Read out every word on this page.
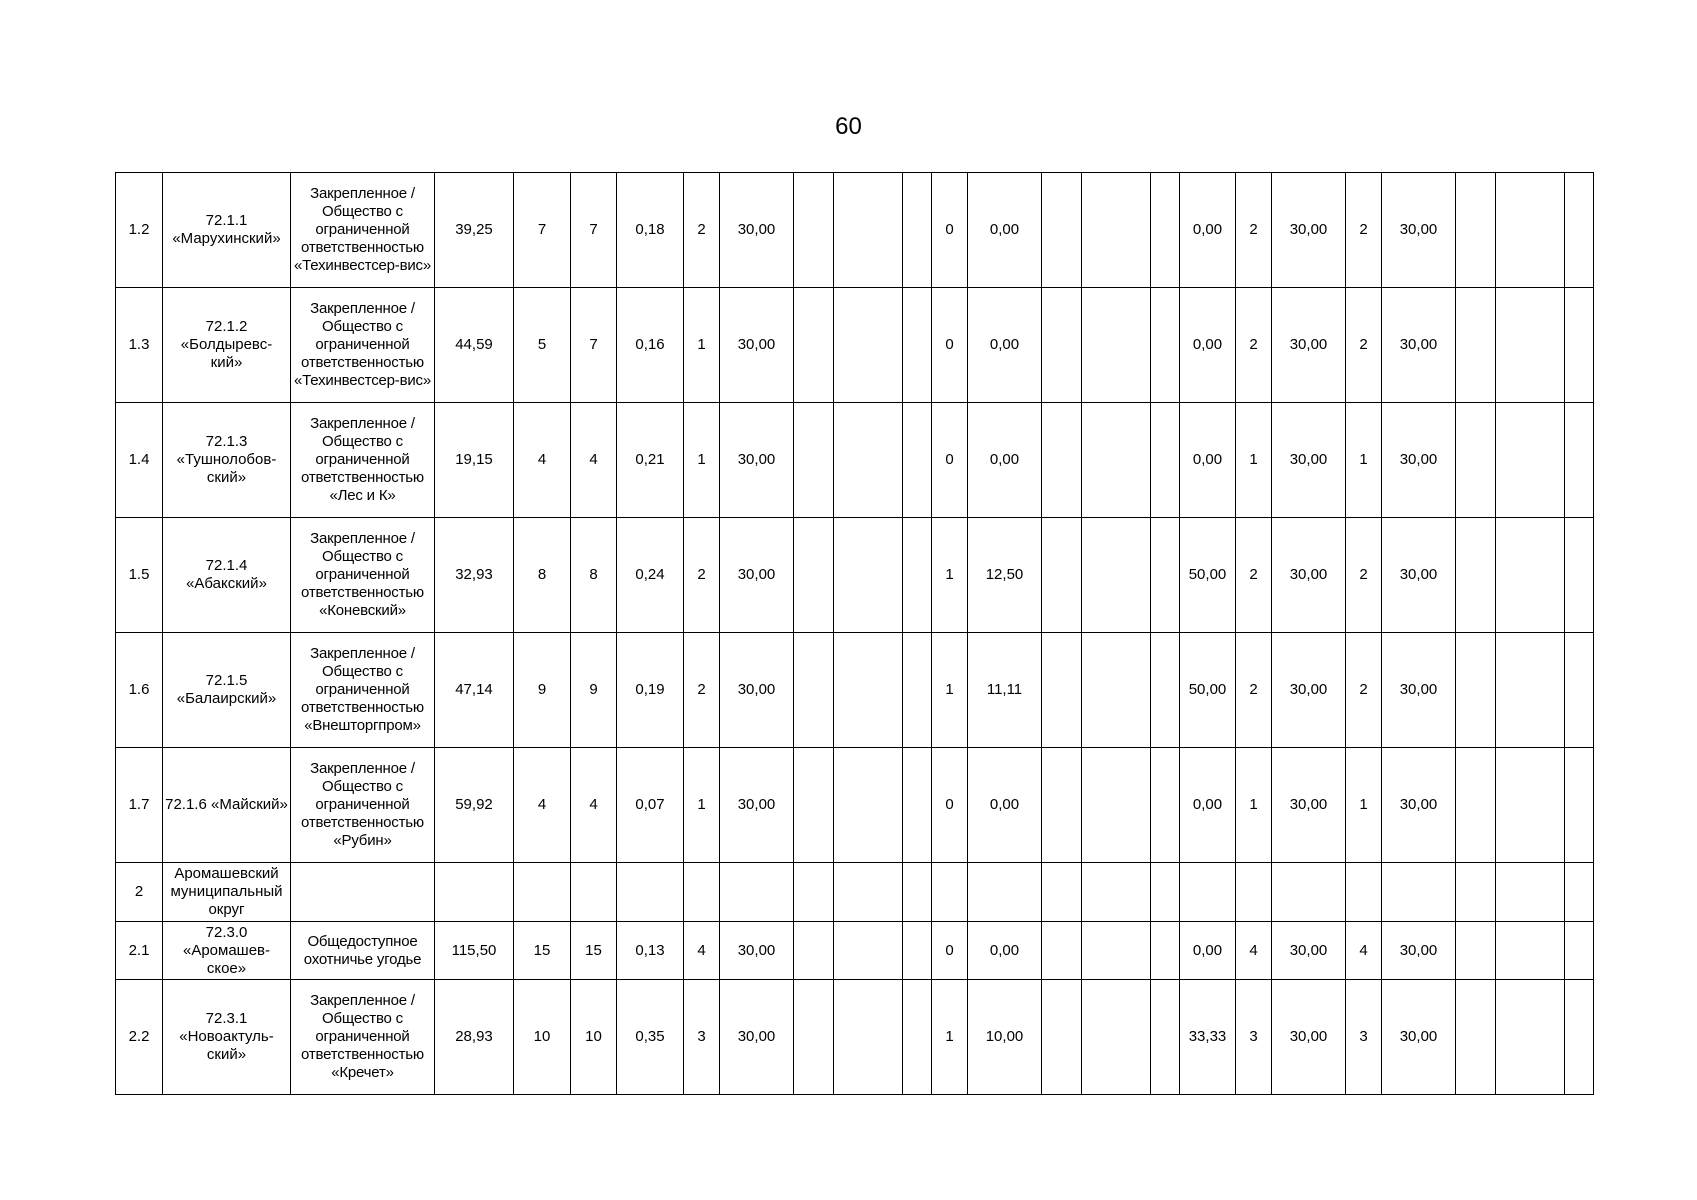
60
1.2	72.1.1 «Марухинский»	Закрепленное / Общество с ограниченной ответственностью «Техинвестсер-вис»	39,25	7	7	0,18	2	30,00				0	0,00				0,00	2	30,00	2	30,00			
1.3	72.1.2 «Болдыревс-кий»	Закрепленное / Общество с ограниченной ответственностью «Техинвестсер-вис»	44,59	5	7	0,16	1	30,00				0	0,00				0,00	2	30,00	2	30,00			
1.4	72.1.3 «Тушнолобов-ский»	Закрепленное /Общество с ограниченной ответственностью «Лес и К»	19,15	4	4	0,21	1	30,00				0	0,00				0,00	1	30,00	1	30,00			
1.5	72.1.4 «Абакский»	Закрепленное / Общество с ограниченной ответственностью «Коневский»	32,93	8	8	0,24	2	30,00				1	12,50				50,00	2	30,00	2	30,00			
1.6	72.1.5 «Балаирский»	Закрепленное / Общество с ограниченной ответственностью «Внешторгпром»	47,14	9	9	0,19	2	30,00				1	11,11				50,00	2	30,00	2	30,00			
1.7	72.1.6 «Майский»	Закрепленное / Общество с ограниченной ответственностью «Рубин»	59,92	4	4	0,07	1	30,00				0	0,00				0,00	1	30,00	1	30,00			
2	Аромашевский муниципальный округ																							
2.1	72.3.0 «Аромашев-ское»	Общедоступное охотничье угодье	115,50	15	15	0,13	4	30,00				0	0,00				0,00	4	30,00	4	30,00			
2.2	72.3.1 «Новоактуль-ский»	Закрепленное / Общество с ограниченной ответственностью «Кречет»	28,93	10	10	0,35	3	30,00				1	10,00				33,33	3	30,00	3	30,00			
